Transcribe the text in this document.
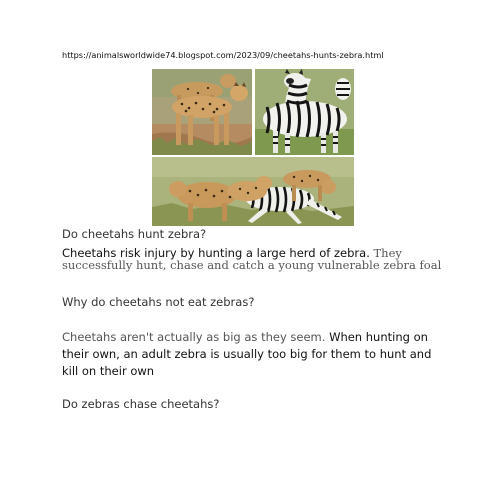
https://animalsworldwide74.blogspot.com/2023/09/cheetahs-hunts-zebra.html
Do cheetahs hunt zebra?
Cheetahs risk injury by hunting a large herd of zebra. They successfully hunt, chase and catch a young vulnerable zebra foal
Why do cheetahs not eat zebras?
Cheetahs aren't actually as big as they seem. When hunting on their own, an adult zebra is usually too big for them to hunt and kill on their own
Do zebras chase cheetahs?
